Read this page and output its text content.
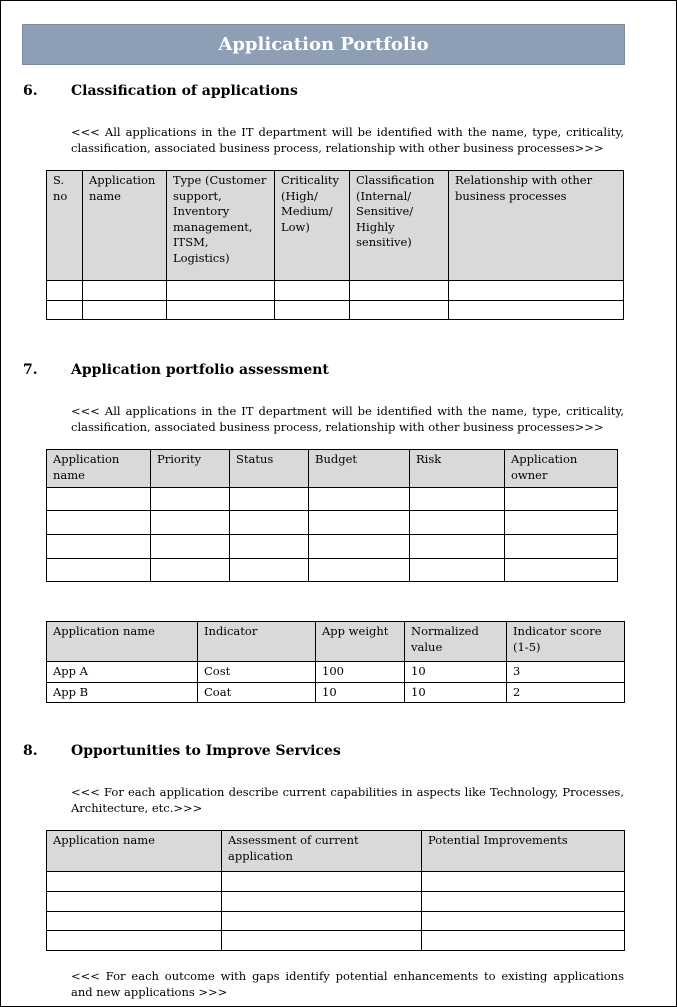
Application Portfolio
6.	Classification of applications
<<< All applications in the IT department will be identified with the name, type, criticality, classification, associated business process, relationship with other business processes>>>
S. no	Application name	Type (Customer support, Inventory management, ITSM, Logistics)	Criticality (High/ Medium/ Low)	Classification (Internal/ Sensitive/ Highly sensitive)	Relationship with other business processes

7.	Application portfolio assessment
<<< All applications in the IT department will be identified with the name, type, criticality, classification, associated business process, relationship with other business processes>>>
Application name	Priority	Status	Budget	Risk	Application owner

Application name	Indicator	App weight	Normalized value	Indicator score (1-5)
App A	Cost	100	10	3
App B	Coat	10	10	2
8.	Opportunities to Improve Services
<<< For each application describe current capabilities in aspects like Technology, Processes, Architecture, etc.>>>
Application name	Assessment of current application	Potential Improvements

<<< For each outcome with gaps identify potential enhancements to existing applications and new applications >>>
